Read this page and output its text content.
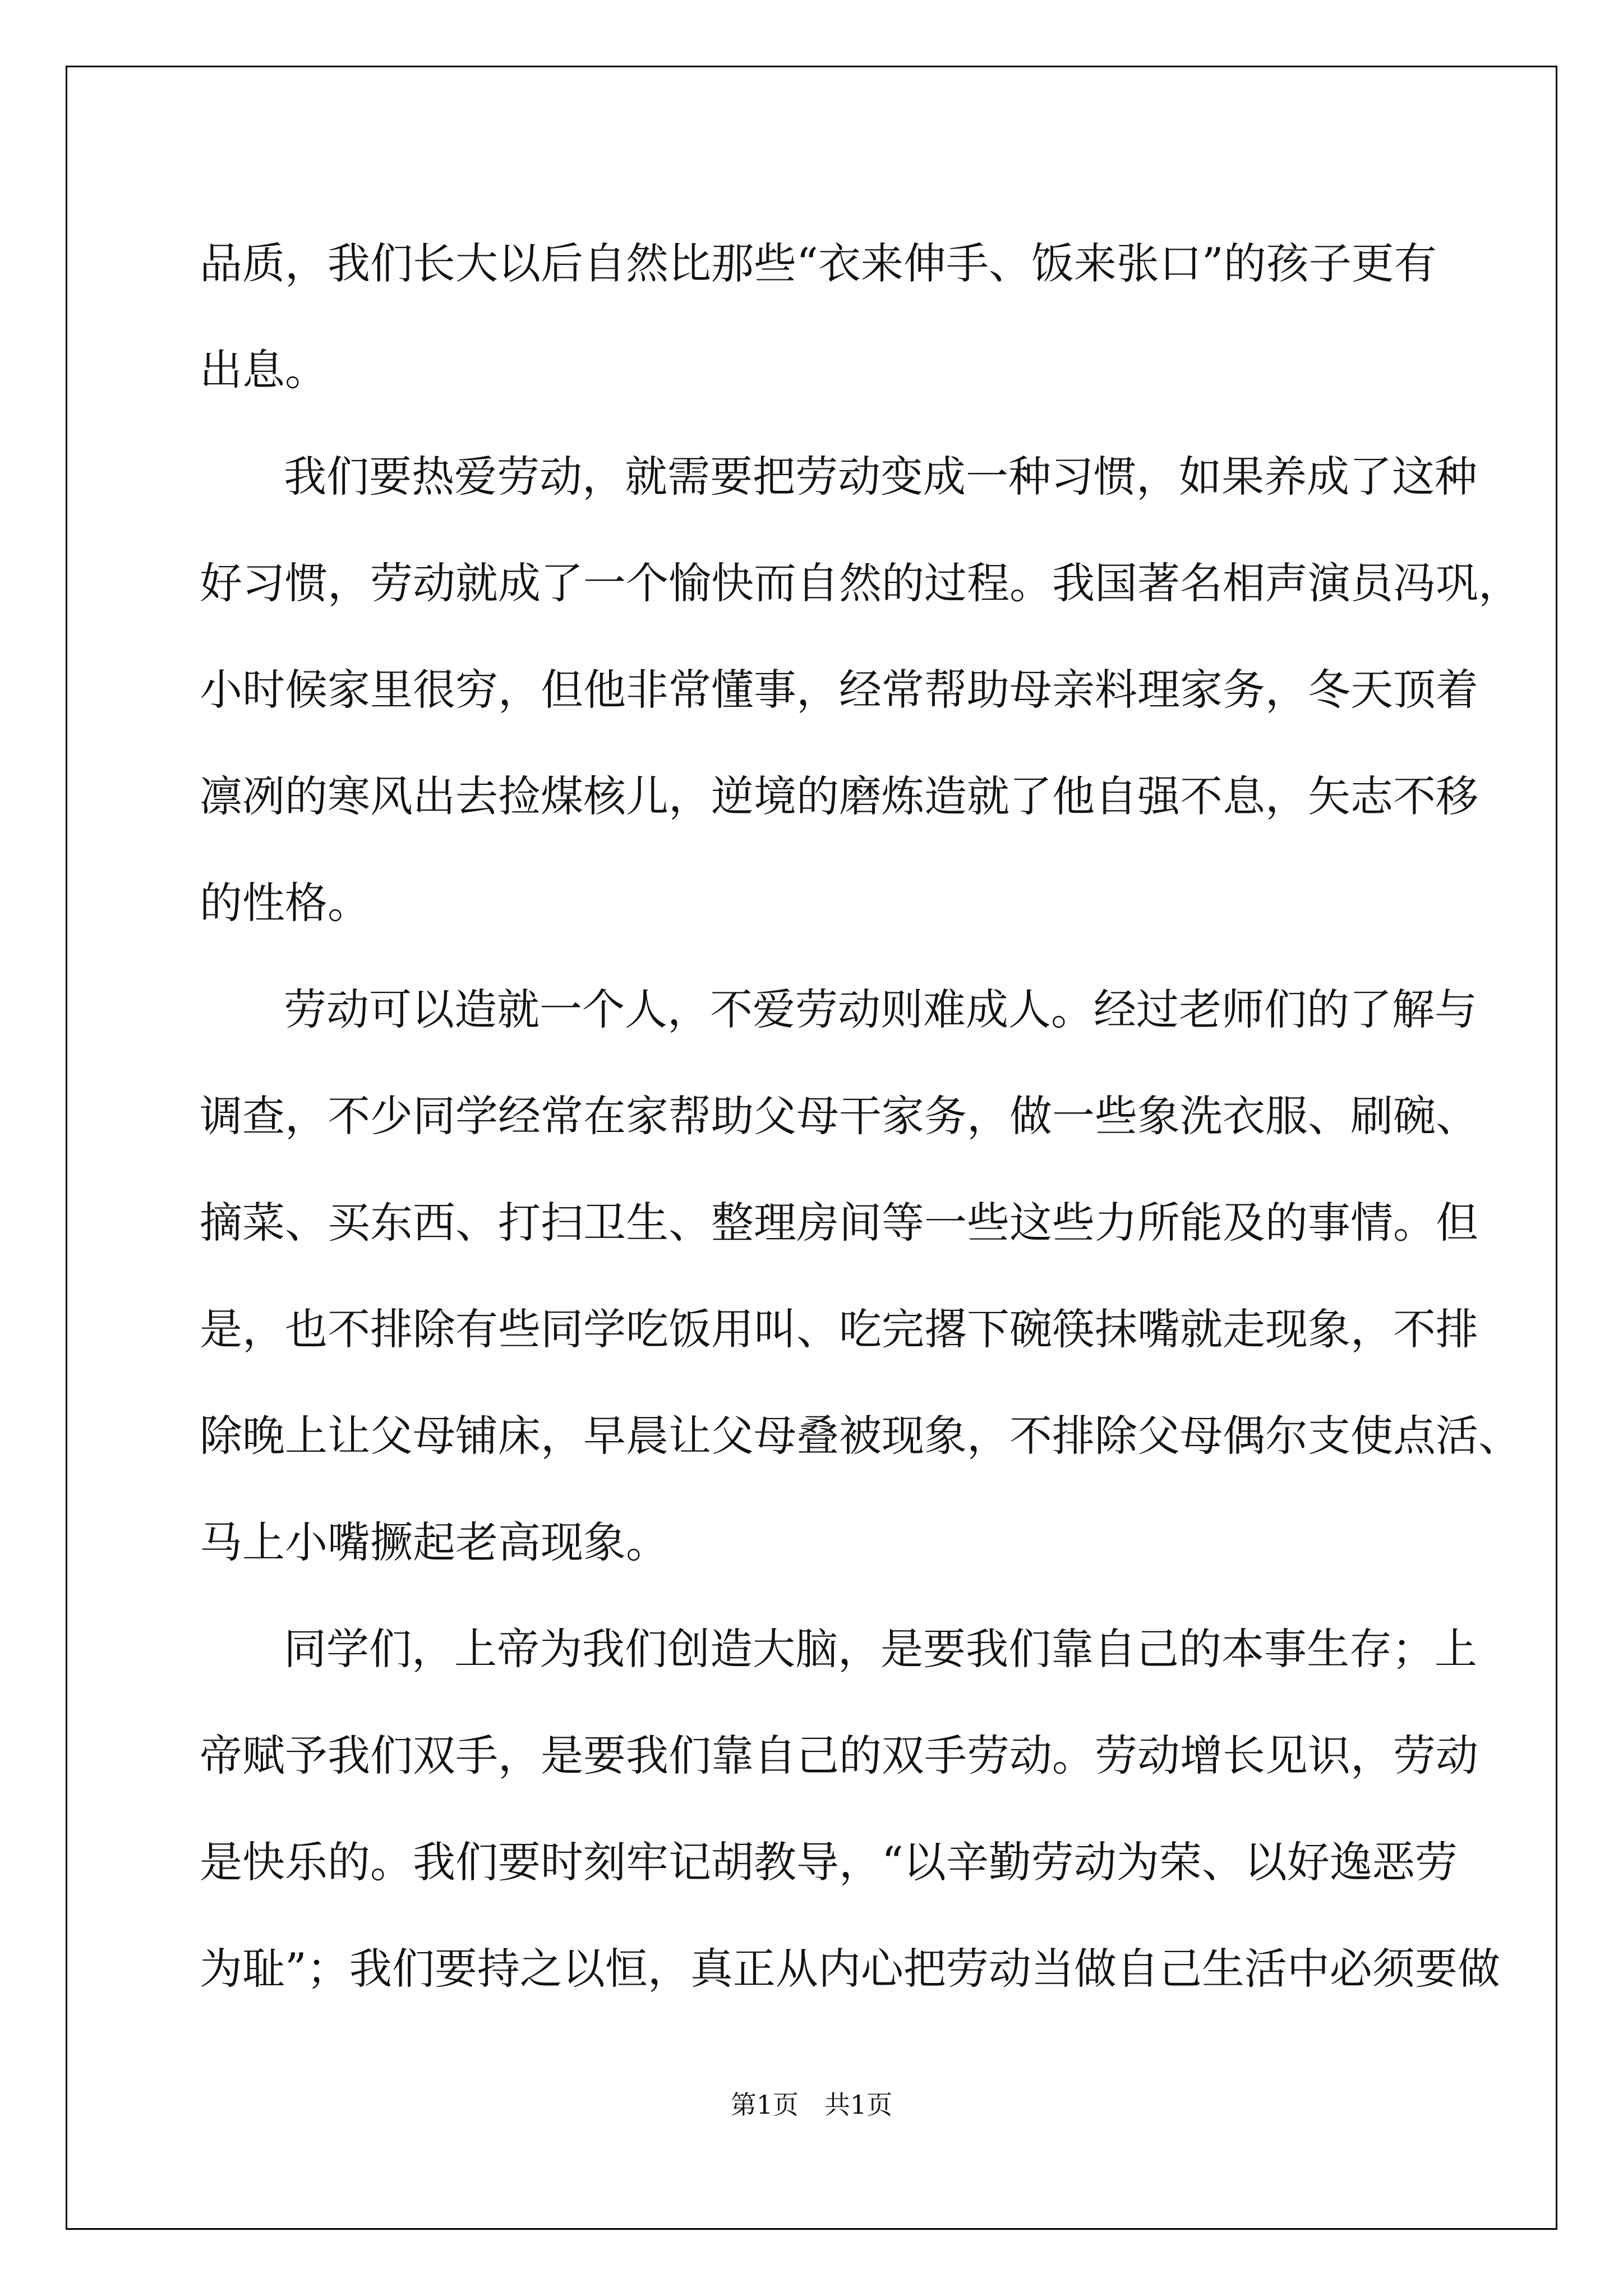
品质，我们长大以后自然比那些“衣来伸手、饭来张口”的孩子更有
出息。
我们要热爱劳动，就需要把劳动变成一种习惯，如果养成了这种
好习惯，劳动就成了一个愉快而自然的过程。我国著名相声演员冯巩，
小时候家里很穷，但他非常懂事，经常帮助母亲料理家务，冬天顶着
凛冽的寒风出去捡煤核儿，逆境的磨炼造就了他自强不息，矢志不移
的性格。
劳动可以造就一个人，不爱劳动则难成人。经过老师们的了解与
调查，不少同学经常在家帮助父母干家务，做一些象洗衣服、刷碗、
摘菜、买东西、打扫卫生、整理房间等一些这些力所能及的事情。但
是，也不排除有些同学吃饭用叫、吃完撂下碗筷抹嘴就走现象，不排
除晚上让父母铺床，早晨让父母叠被现象，不排除父母偶尔支使点活、
马上小嘴撅起老高现象。
同学们，上帝为我们创造大脑，是要我们靠自己的本事生存；上
帝赋予我们双手，是要我们靠自己的双手劳动。劳动增长见识，劳动
是快乐的。我们要时刻牢记胡教导，“以辛勤劳动为荣、以好逸恶劳
为耻”；我们要持之以恒，真正从内心把劳动当做自己生活中必须要做
第1页　共1页
